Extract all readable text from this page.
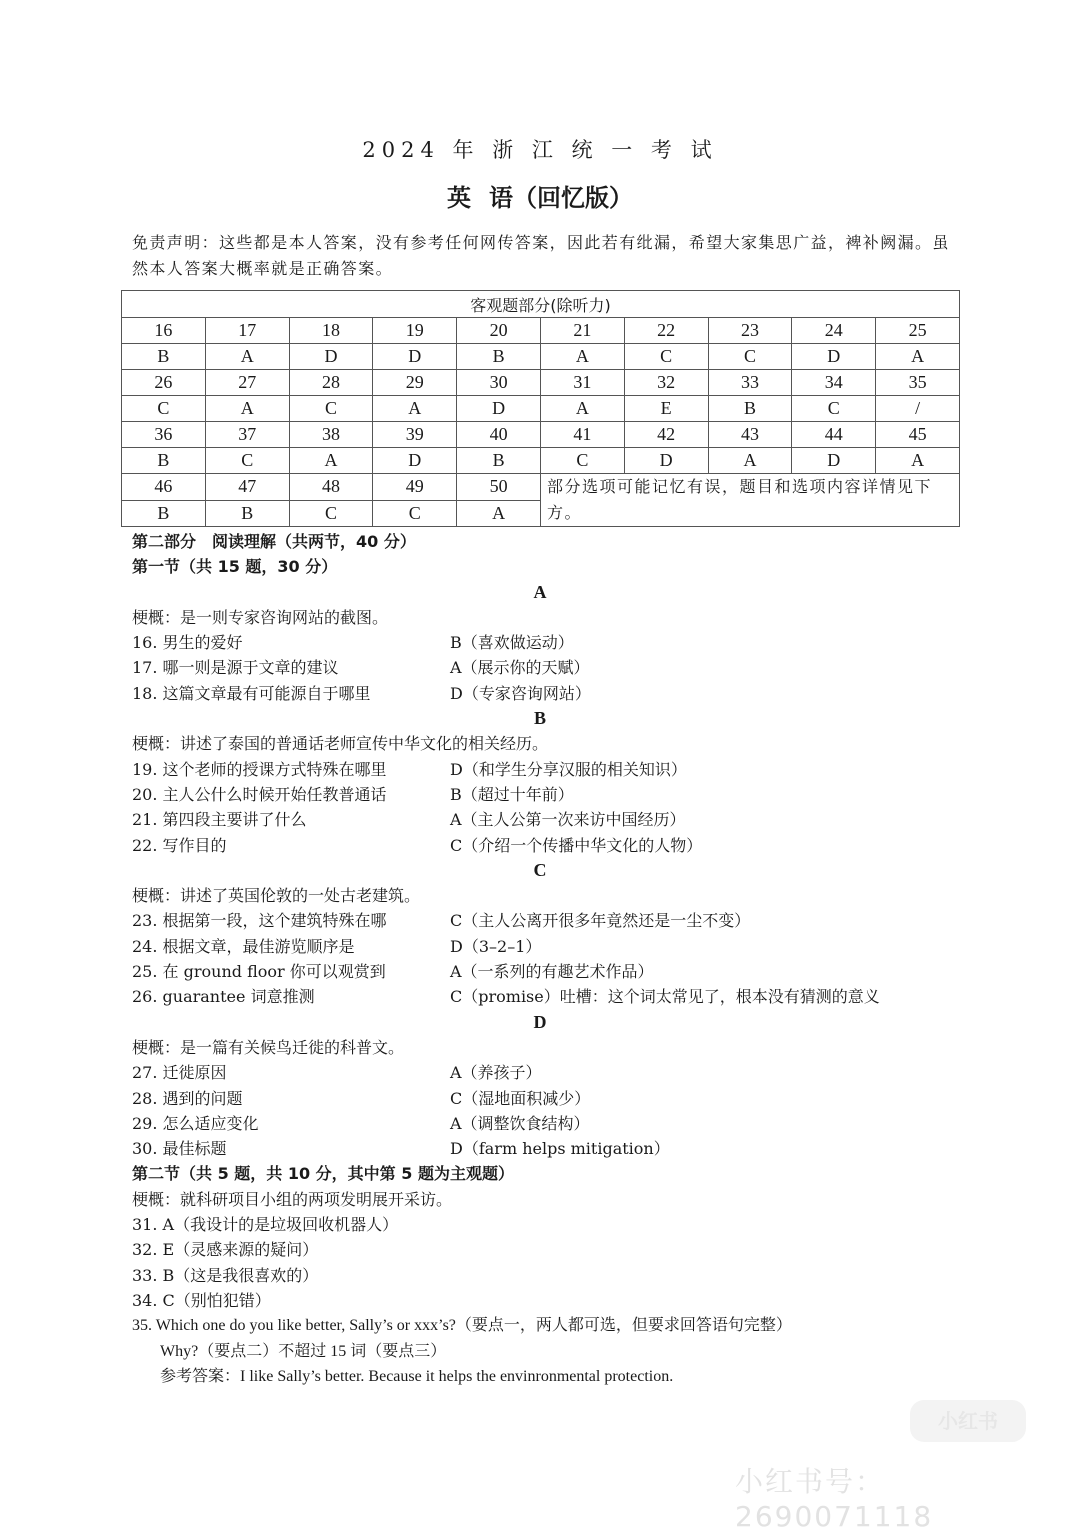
2024 年 浙 江 统 一 考 试
英 语（回忆版）
免责声明：这些都是本人答案，没有参考任何网传答案，因此若有纰漏，希望大家集思广益，裨补阙漏。虽然本人答案大概率就是正确答案。
客观题部分(除听力)									
16	17	18	19	20	21	22	23	24	25
B	A	D	D	B	A	C	C	D	A
26	27	28	29	30	31	32	33	34	35
C	A	C	A	D	A	E	B	C	/
36	37	38	39	40	41	42	43	44	45
B	C	A	D	B	C	D	A	D	A
46	47	48	49	50	部分选项可能记忆有误，题目和选项内容详情见下方。				
B	B	C	C	A					
第二部分　阅读理解（共两节，40 分）
第一节（共 15 题，30 分）
A
梗概：是一则专家咨询网站的截图。
16. 男生的爱好	B（喜欢做运动）
17. 哪一则是源于文章的建议	A（展示你的天赋）
18. 这篇文章最有可能源自于哪里	D（专家咨询网站）
B
梗概：讲述了泰国的普通话老师宣传中华文化的相关经历。
19. 这个老师的授课方式特殊在哪里	D（和学生分享汉服的相关知识）
20. 主人公什么时候开始任教普通话	B（超过十年前）
21. 第四段主要讲了什么	A（主人公第一次来访中国经历）
22. 写作目的	C（介绍一个传播中华文化的人物）
C
梗概：讲述了英国伦敦的一处古老建筑。
23. 根据第一段，这个建筑特殊在哪	C（主人公离开很多年竟然还是一尘不变）
24. 根据文章，最佳游览顺序是	D（3–2–1）
25. 在 ground floor 你可以观赏到	A（一系列的有趣艺术作品）
26. guarantee 词意推测	C（promise）吐槽：这个词太常见了，根本没有猜测的意义
D
梗概：是一篇有关候鸟迁徙的科普文。
27. 迁徙原因	A（养孩子）
28. 遇到的问题	C（湿地面积减少）
29. 怎么适应变化	A（调整饮食结构）
30. 最佳标题	D（farm helps mitigation）
第二节（共 5 题，共 10 分，其中第 5 题为主观题）
梗概：就科研项目小组的两项发明展开采访。
31. A（我设计的是垃圾回收机器人）
32. E（灵感来源的疑问）
33. B（这是我很喜欢的）
34. C（别怕犯错）
35. Which one do you like better, Sally’s or xxx’s?（要点一，两人都可选，但要求回答语句完整）
Why?（要点二）不超过 15 词（要点三）
参考答案：I like Sally’s better. Because it helps the envinronmental protection.
小红书
小红书号：2690071118
